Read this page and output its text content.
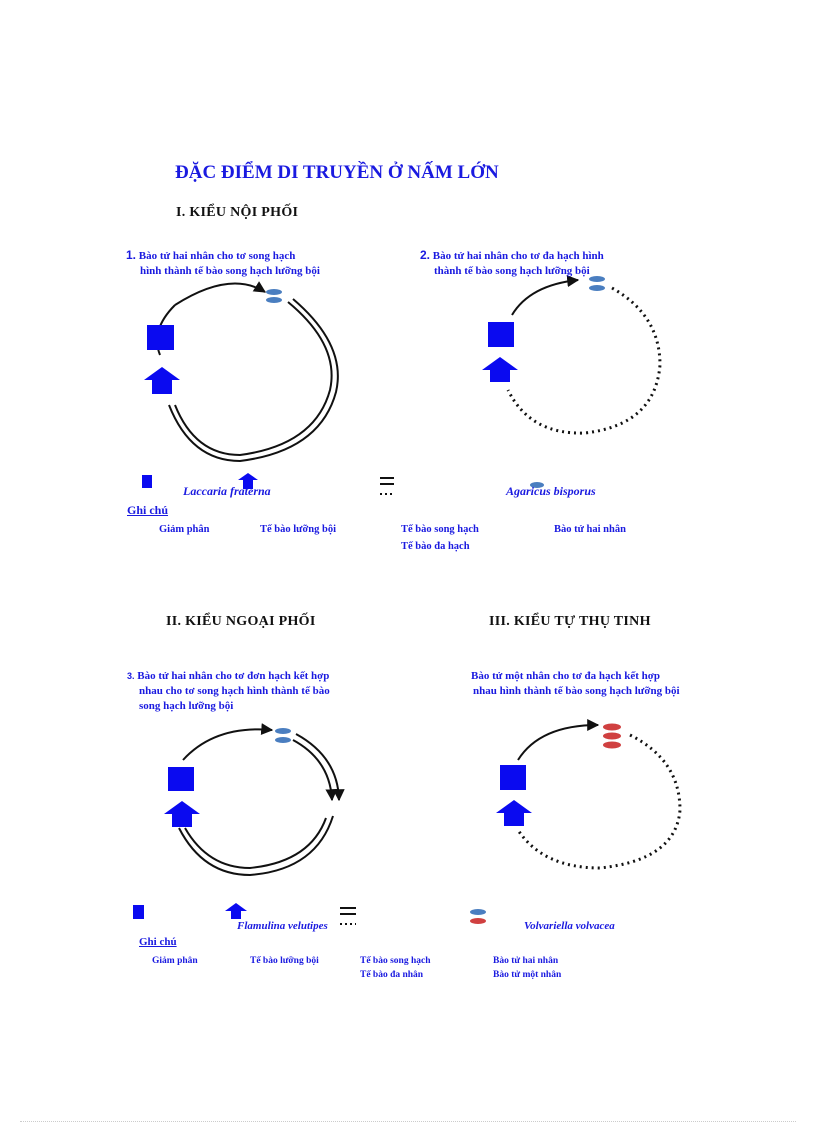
ĐẶC ĐIỂM DI TRUYỀN Ở NẤM LỚN
I. KIỂU NỘI PHỐI
1. Bào tử hai nhân cho tơ song hạch
hình thành tế bào song hạch lưỡng bội
2. Bào tử hai nhân cho tơ đa hạch hình
thành tế bào song hạch lưỡng bội
Laccaria fraterna	Agaricus bisporus
Ghi chú
Giảm phân	Tế bào lưỡng bội	Tế bào song hạch
Tế bào đa hạch
Bào tử hai nhân
II. KIỂU NGOẠI PHỐI	III. KIỂU TỰ THỤ TINH
3. Bào tử hai nhân cho tơ đơn hạch kết hợp
nhau cho tơ song hạch hình thành tế bào
song hạch lưỡng bội
Bào tử một nhân cho tơ đa hạch kết hợp
nhau hình thành tế bào song hạch lưỡng bội
Flamulina velutipes	Volvariella volvacea
Ghi chú
Giảm phân	Tế bào lưỡng bội	Tế bào song hạch
Tế bào đa nhân
Bào tử hai nhân
Bào tử một nhân
